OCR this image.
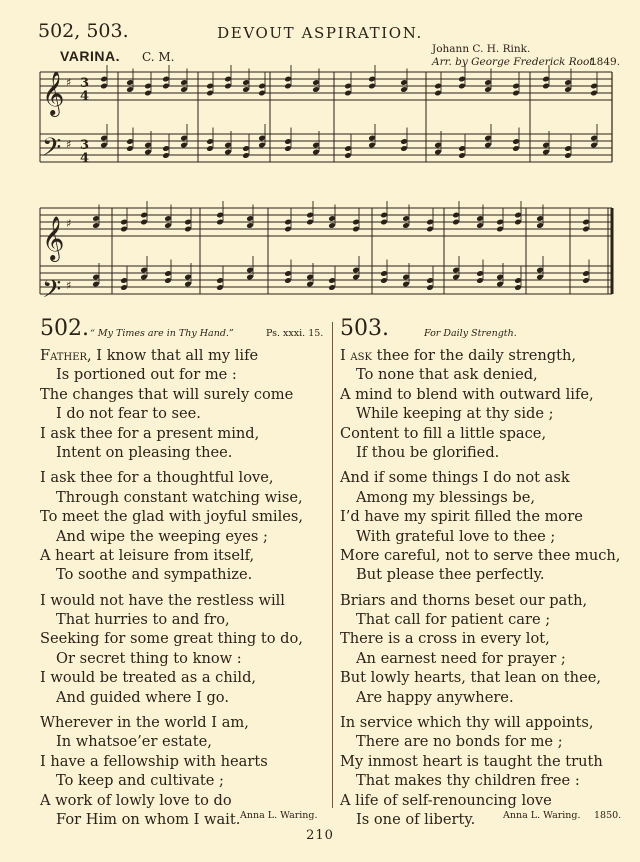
502, 503.	DEVOUT ASPIRATION.
VARINA. C. M.
Johann C. H. Rink.
Arr. by George Frederick Root.
1849.
𝄞
𝄢
𝄞
𝄢
♯
♯
♯
♯
3
4
3
4
502. “ My Times are in Thy Hand.”	Ps. xxxi. 15.
Father, I know that all my life
Is portioned out for me :
The changes that will surely come
I do not fear to see.
I ask thee for a present mind,
Intent on pleasing thee.
I ask thee for a thoughtful love,
Through constant watching wise,
To meet the glad with joyful smiles,
And wipe the weeping eyes ;
A heart at leisure from itself,
To soothe and sympathize.
I would not have the restless will
That hurries to and fro,
Seeking for some great thing to do,
Or secret thing to know :
I would be treated as a child,
And guided where I go.
Wherever in the world I am,
In whatsoe’er estate,
I have a fellowship with hearts
To keep and cultivate ;
A work of lowly love to do
For Him on whom I wait.
503.	For Daily Strength.
I ask thee for the daily strength,
To none that ask denied,
A mind to blend with outward life,
While keeping at thy side ;
Content to fill a little space,
If thou be glorified.
And if some things I do not ask
Among my blessings be,
I’d have my spirit filled the more
With grateful love to thee ;
More careful, not to serve thee much,
But please thee perfectly.
Briars and thorns beset our path,
That call for patient care ;
There is a cross in every lot,
An earnest need for prayer ;
But lowly hearts, that lean on thee,
Are happy anywhere.
In service which thy will appoints,
There are no bonds for me ;
My inmost heart is taught the truth
That makes thy children free :
A life of self-renouncing love
Is one of liberty.
Anna L. Waring.	Anna L. Waring. 1850.
210
